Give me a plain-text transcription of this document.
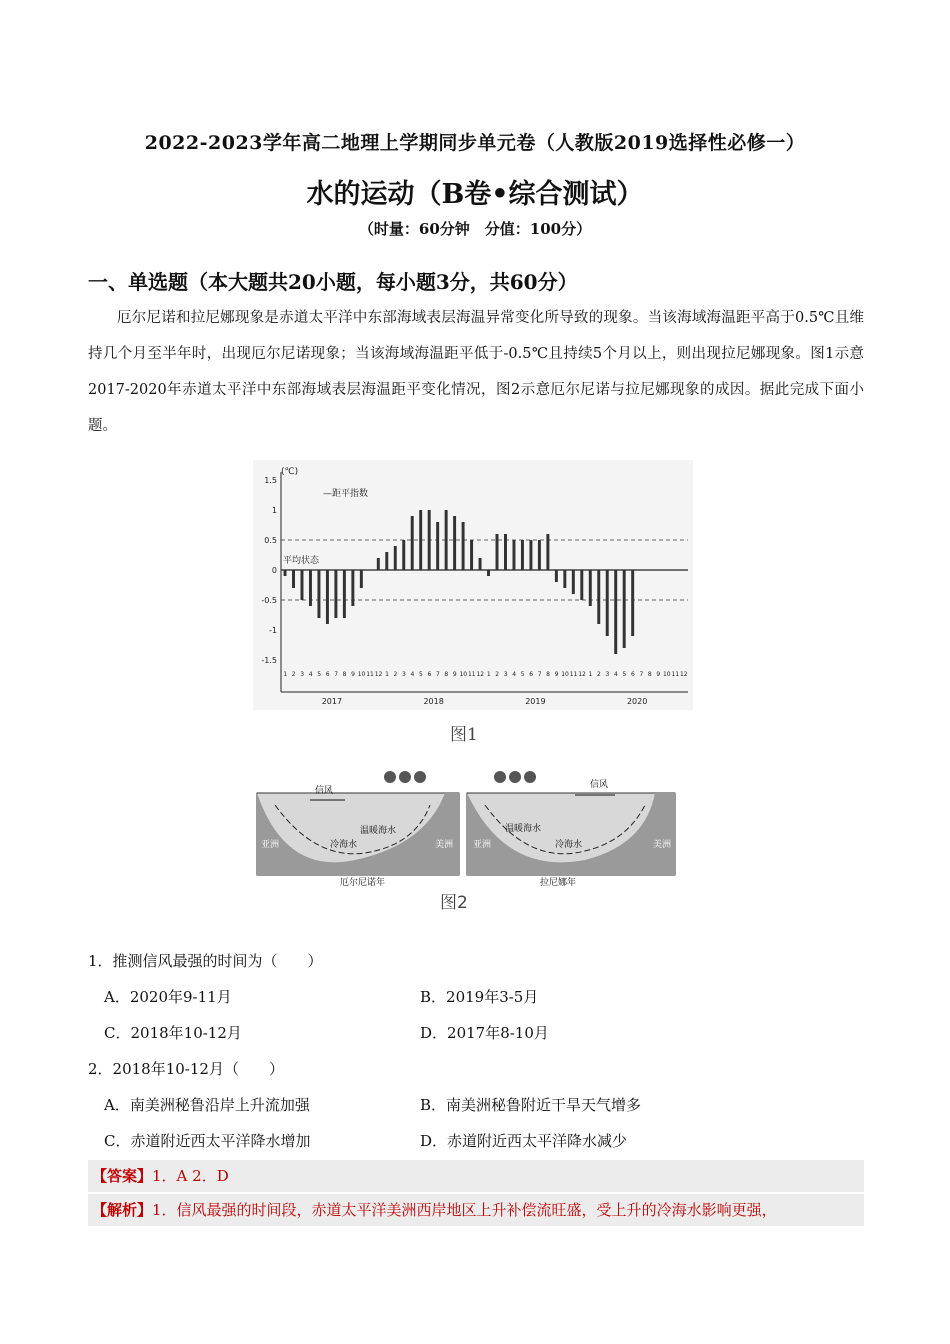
2022-2023学年高二地理上学期同步单元卷（人教版2019选择性必修一）
水的运动（B卷•综合测试）
（时量：60分钟　分值：100分）
一、单选题（本大题共20小题，每小题3分，共60分）
厄尔尼诺和拉尼娜现象是赤道太平洋中东部海域表层海温异常变化所导致的现象。当该海域海温距平高于0.5℃且维持几个月至半年时，出现厄尔尼诺现象；当该海域海温距平低于-0.5℃且持续5个月以上，则出现拉尼娜现象。图1示意2017-2020年赤道太平洋中东部海域表层海温距平变化情况，图2示意厄尔尼诺与拉尼娜现象的成因。据此完成下面小题。
(℃)
—距平指数
平均状态
1.5
1
0.5
0
-0.5
-1
-1.5
1 2 3 4 5 6 7 8 9 10 11 12 1 2 3 4 5 6 7 8 9 10 11 12 1 2 3 4 5 6 7 8 9 10 11 12 1 2 3 4 5 6 7 8 9 10 11 12
2017	2018	2019	2020
图1
信风
温暖海水
冷海水
亚洲	美洲
厄尔尼诺年
信风
温暖海水
冷海水
亚洲	美洲
拉尼娜年
图2
1．推测信风最强的时间为（　　）
A．2020年9-11月	B．2019年3-5月
C．2018年10-12月	D．2017年8-10月
2．2018年10-12月（　　）
A．南美洲秘鲁沿岸上升流加强	B．南美洲秘鲁附近干旱天气增多
C．赤道附近西太平洋降水增加	D．赤道附近西太平洋降水减少
【答案】1．A 2．D
【解析】1．信风最强的时间段，赤道太平洋美洲西岸地区上升补偿流旺盛，受上升的冷海水影响更强，
